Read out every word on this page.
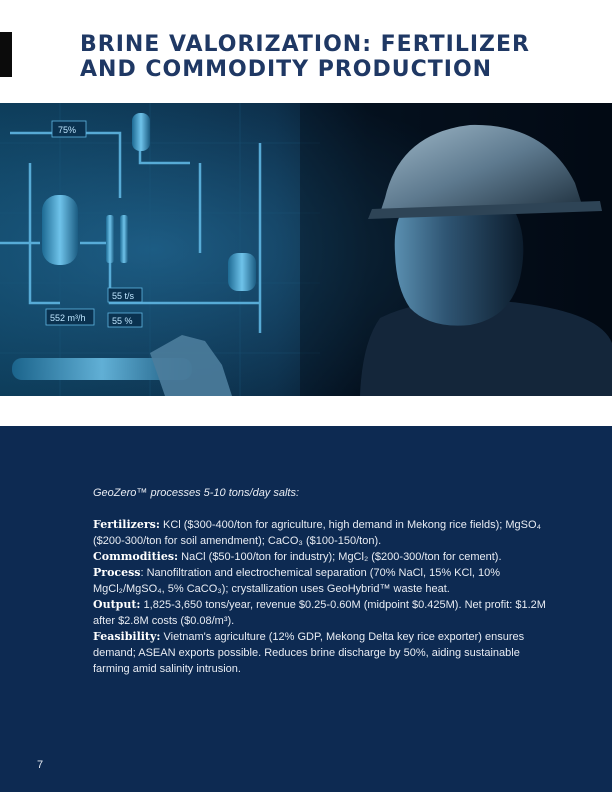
BRINE VALORIZATION: FERTILIZER
AND COMMODITY PRODUCTION
75%
55 t/s
55 %
552 m³/h

GeoZero™ processes 5-10 tons/day salts:

Fertilizers: KCl ($300-400/ton for agriculture, high demand in Mekong rice fields); MgSO₄ ($200-300/ton for soil amendment); CaCO₃ ($100-150/ton).

Commodities: NaCl ($50-100/ton for industry); MgCl₂ ($200-300/ton for cement).

Process: Nanofiltration and electrochemical separation (70% NaCl, 15% KCl, 10% MgCl₂/MgSO₄, 5% CaCO₃); crystallization uses GeoHybrid™ waste heat.

Output: 1,825-3,650 tons/year, revenue $0.25-0.60M (midpoint $0.425M). Net profit: $1.2M after $2.8M costs ($0.08/m³).

Feasibility: Vietnam's agriculture (12% GDP, Mekong Delta key rice exporter) ensures demand; ASEAN exports possible. Reduces brine discharge by 50%, aiding sustainable farming amid salinity intrusion.

7
